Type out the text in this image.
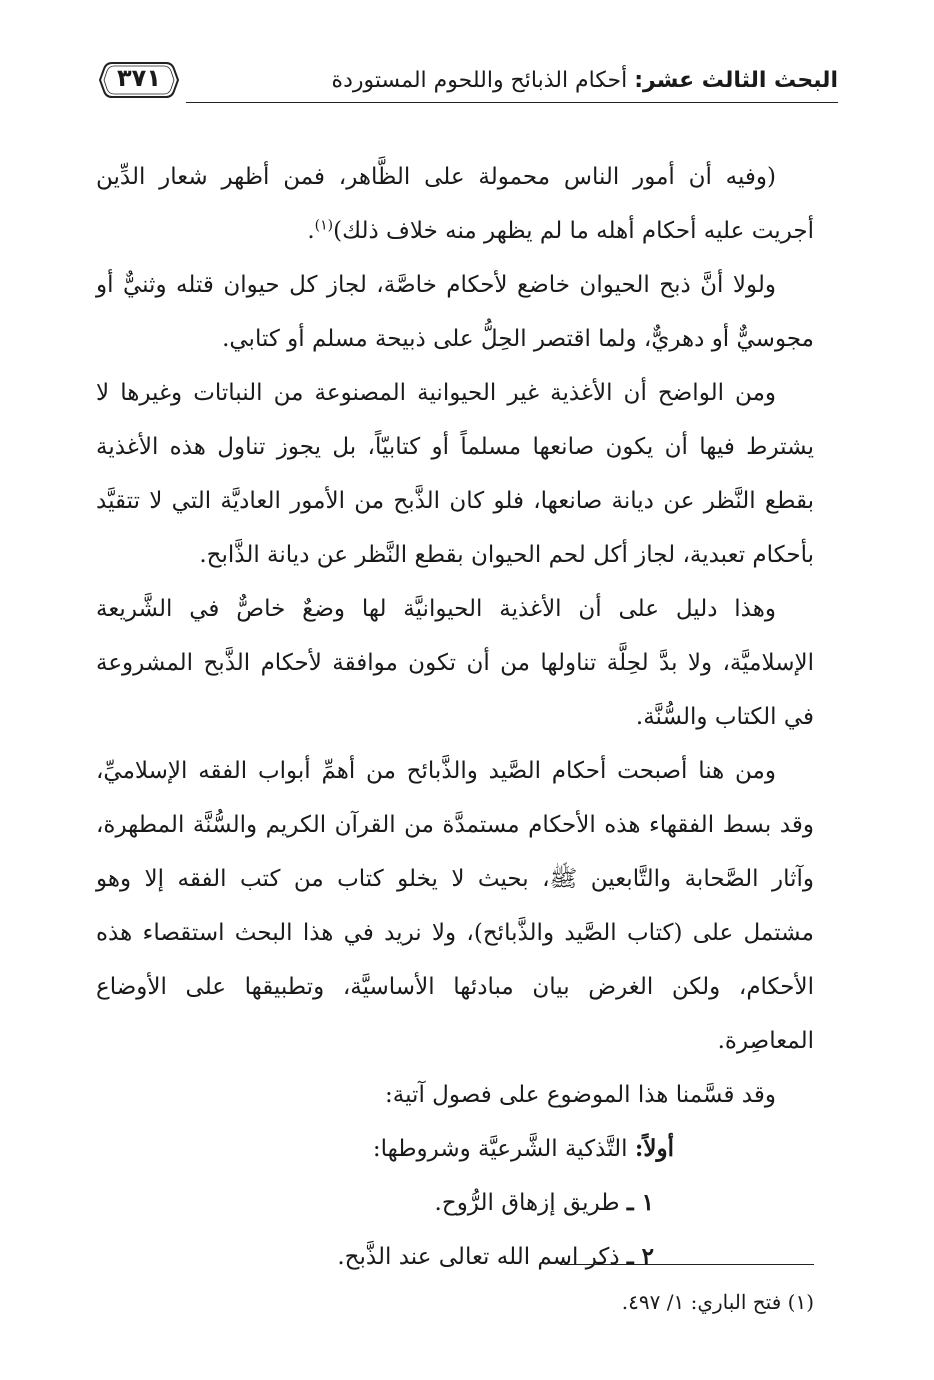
٣٧١	البحث الثالث عشر: أحكام الذبائح واللحوم المستوردة

(وفيه أن أمور الناس محمولة على الظَّاهر، فمن أظهر شعار الدِّين أجريت عليه أحكام أهله ما لم يظهر منه خلاف ذلك)$^{(١)}$.

ولولا أنَّ ذبح الحيوان خاضع لأحكام خاصَّة، لجاز كل حيوان قتله وثنيٌّ أو مجوسيٌّ أو دهريٌّ، ولما اقتصر الحِلُّ على ذبيحة مسلم أو كتابي.

ومن الواضح أن الأغذية غير الحيوانية المصنوعة من النباتات وغيرها لا يشترط فيها أن يكون صانعها مسلماً أو كتابيّاً، بل يجوز تناول هذه الأغذية بقطع النَّظر عن ديانة صانعها، فلو كان الذَّبح من الأمور العاديَّة التي لا تتقيَّد بأحكام تعبدية، لجاز أكل لحم الحيوان بقطع النَّظر عن ديانة الذَّابح.

وهذا دليل على أن الأغذية الحيوانيَّة لها وضعٌ خاصٌّ في الشَّريعة الإسلاميَّة، ولا بدَّ لحِلَّة تناولها من أن تكون موافقة لأحكام الذَّبح المشروعة في الكتاب والسُّنَّة.

ومن هنا أصبحت أحكام الصَّيد والذَّبائح من أهمِّ أبواب الفقه الإسلاميِّ، وقد بسط الفقهاء هذه الأحكام مستمدَّة من القرآن الكريم والسُّنَّة المطهرة، وآثار الصَّحابة والتَّابعين ﷺ، بحيث لا يخلو كتاب من كتب الفقه إلا وهو مشتمل على (كتاب الصَّيد والذَّبائح)، ولا نريد في هذا البحث استقصاء هذه الأحكام، ولكن الغرض بيان مبادئها الأساسيَّة، وتطبيقها على الأوضاع المعاصِرة.

وقد قسَّمنا هذا الموضوع على فصول آتية:

أولاً: التَّذكية الشَّرعيَّة وشروطها:
١ ـ طريق إزهاق الرُّوح.
٢ ـ ذكر اسم الله تعالى عند الذَّبح.
(١) فتح الباري: ١/ ٤٩٧.
